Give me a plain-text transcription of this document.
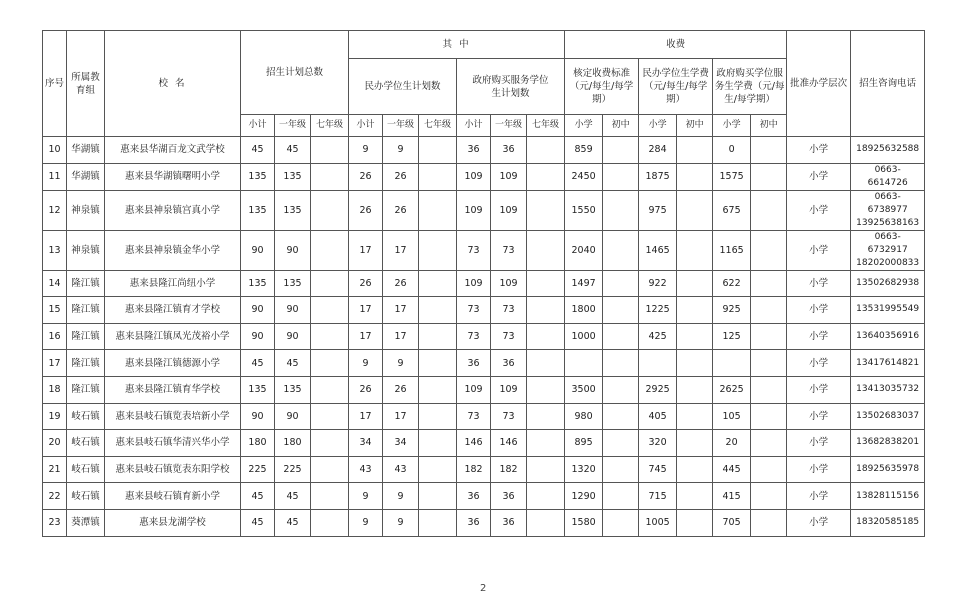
序号	所属教育组	校 名	招生计划总数			其 中						收费						批准办学层次	招生咨询电话
						民办学位生计划数			政府购买服务学位生计划数			核定收费标准（元/每生/每学期）		民办学位生学费（元/每生/每学期）		政府购买学位服务生学费（元/每生/每学期）			
			小计	一年级	七年级	小计	一年级	七年级	小计	一年级	七年级	小学	初中	小学	初中	小学	初中		
10	华湖镇	惠来县华湖百龙文武学校	45	45		9	9		36	36		859		284		0		小学	18925632588
11	华湖镇	惠来县华湖镇曙明小学	135	135		26	26		109	109		2450		1875		1575		小学	0663-6614726
12	神泉镇	惠来县神泉镇宫真小学	135	135		26	26		109	109		1550		975		675		小学	0663-6738977 13925638163
13	神泉镇	惠来县神泉镇金华小学	90	90		17	17		73	73		2040		1465		1165		小学	0663-6732917 18202000833
14	隆江镇	惠来县隆江尚纽小学	135	135		26	26		109	109		1497		922		622		小学	13502682938
15	隆江镇	惠来县隆江镇育才学校	90	90		17	17		73	73		1800		1225		925		小学	13531995549
16	隆江镇	惠来县隆江镇凤光茂裕小学	90	90		17	17		73	73		1000		425		125		小学	13640356916
17	隆江镇	惠来县隆江镇德源小学	45	45		9	9		36	36								小学	13417614821
18	隆江镇	惠来县隆江镇育华学校	135	135		26	26		109	109		3500		2925		2625		小学	13413035732
19	岐石镇	惠来县岐石镇览表培新小学	90	90		17	17		73	73		980		405		105		小学	13502683037
20	岐石镇	惠来县岐石镇华清兴华小学	180	180		34	34		146	146		895		320		20		小学	13682838201
21	岐石镇	惠来县岐石镇览表东阳学校	225	225		43	43		182	182		1320		745		445		小学	18925635978
22	岐石镇	惠来县岐石镇育新小学	45	45		9	9		36	36		1290		715		415		小学	13828115156
23	葵潭镇	惠来县龙湖学校	45	45		9	9		36	36		1580		1005		705		小学	18320585185
2
